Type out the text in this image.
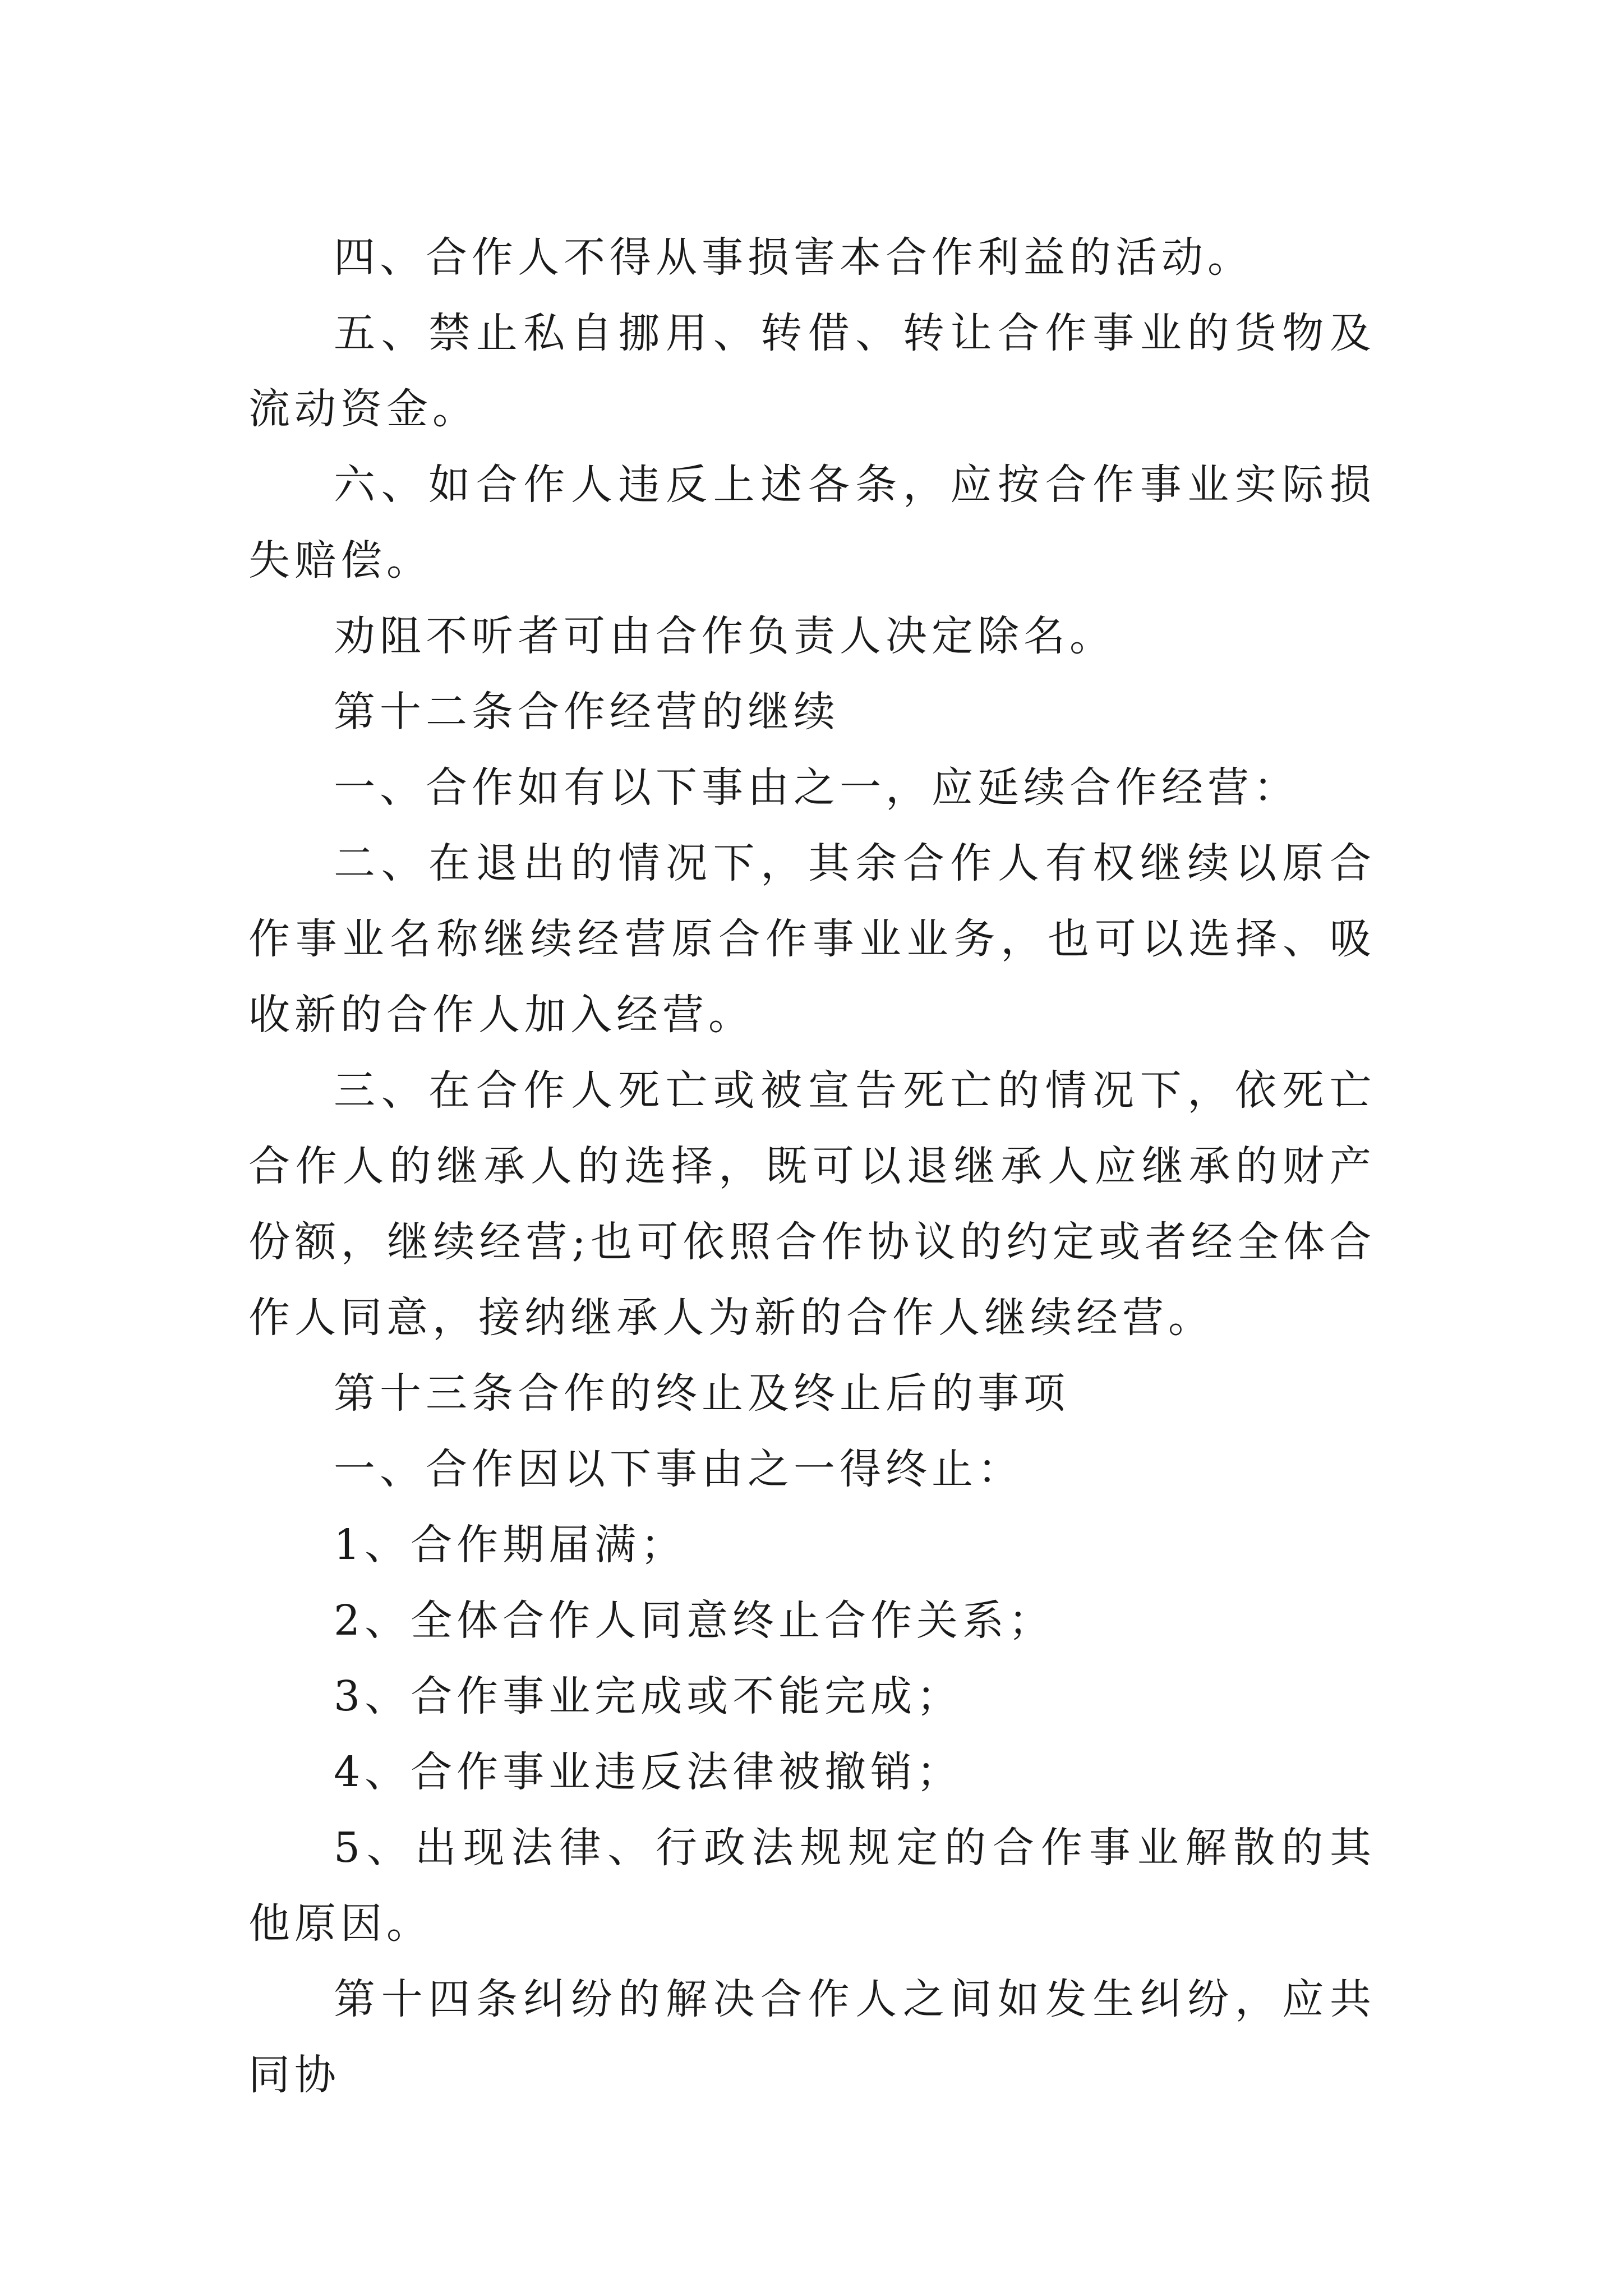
四、合作人不得从事损害本合作利益的活动。

五、禁止私自挪用、转借、转让合作事业的货物及流动资金。

六、如合作人违反上述各条，应按合作事业实际损失赔偿。

劝阻不听者可由合作负责人决定除名。

第十二条合作经营的继续

一、合作如有以下事由之一，应延续合作经营：

二、在退出的情况下，其余合作人有权继续以原合作事业名称继续经营原合作事业业务，也可以选择、吸收新的合作人加入经营。

三、在合作人死亡或被宣告死亡的情况下，依死亡合作人的继承人的选择，既可以退继承人应继承的财产份额，继续经营;也可依照合作协议的约定或者经全体合作人同意，接纳继承人为新的合作人继续经营。

第十三条合作的终止及终止后的事项

一、合作因以下事由之一得终止：

1、合作期届满；

2、全体合作人同意终止合作关系；

3、合作事业完成或不能完成；

4、合作事业违反法律被撤销；

5、出现法律、行政法规规定的合作事业解散的其他原因。

第十四条纠纷的解决合作人之间如发生纠纷，应共同协
